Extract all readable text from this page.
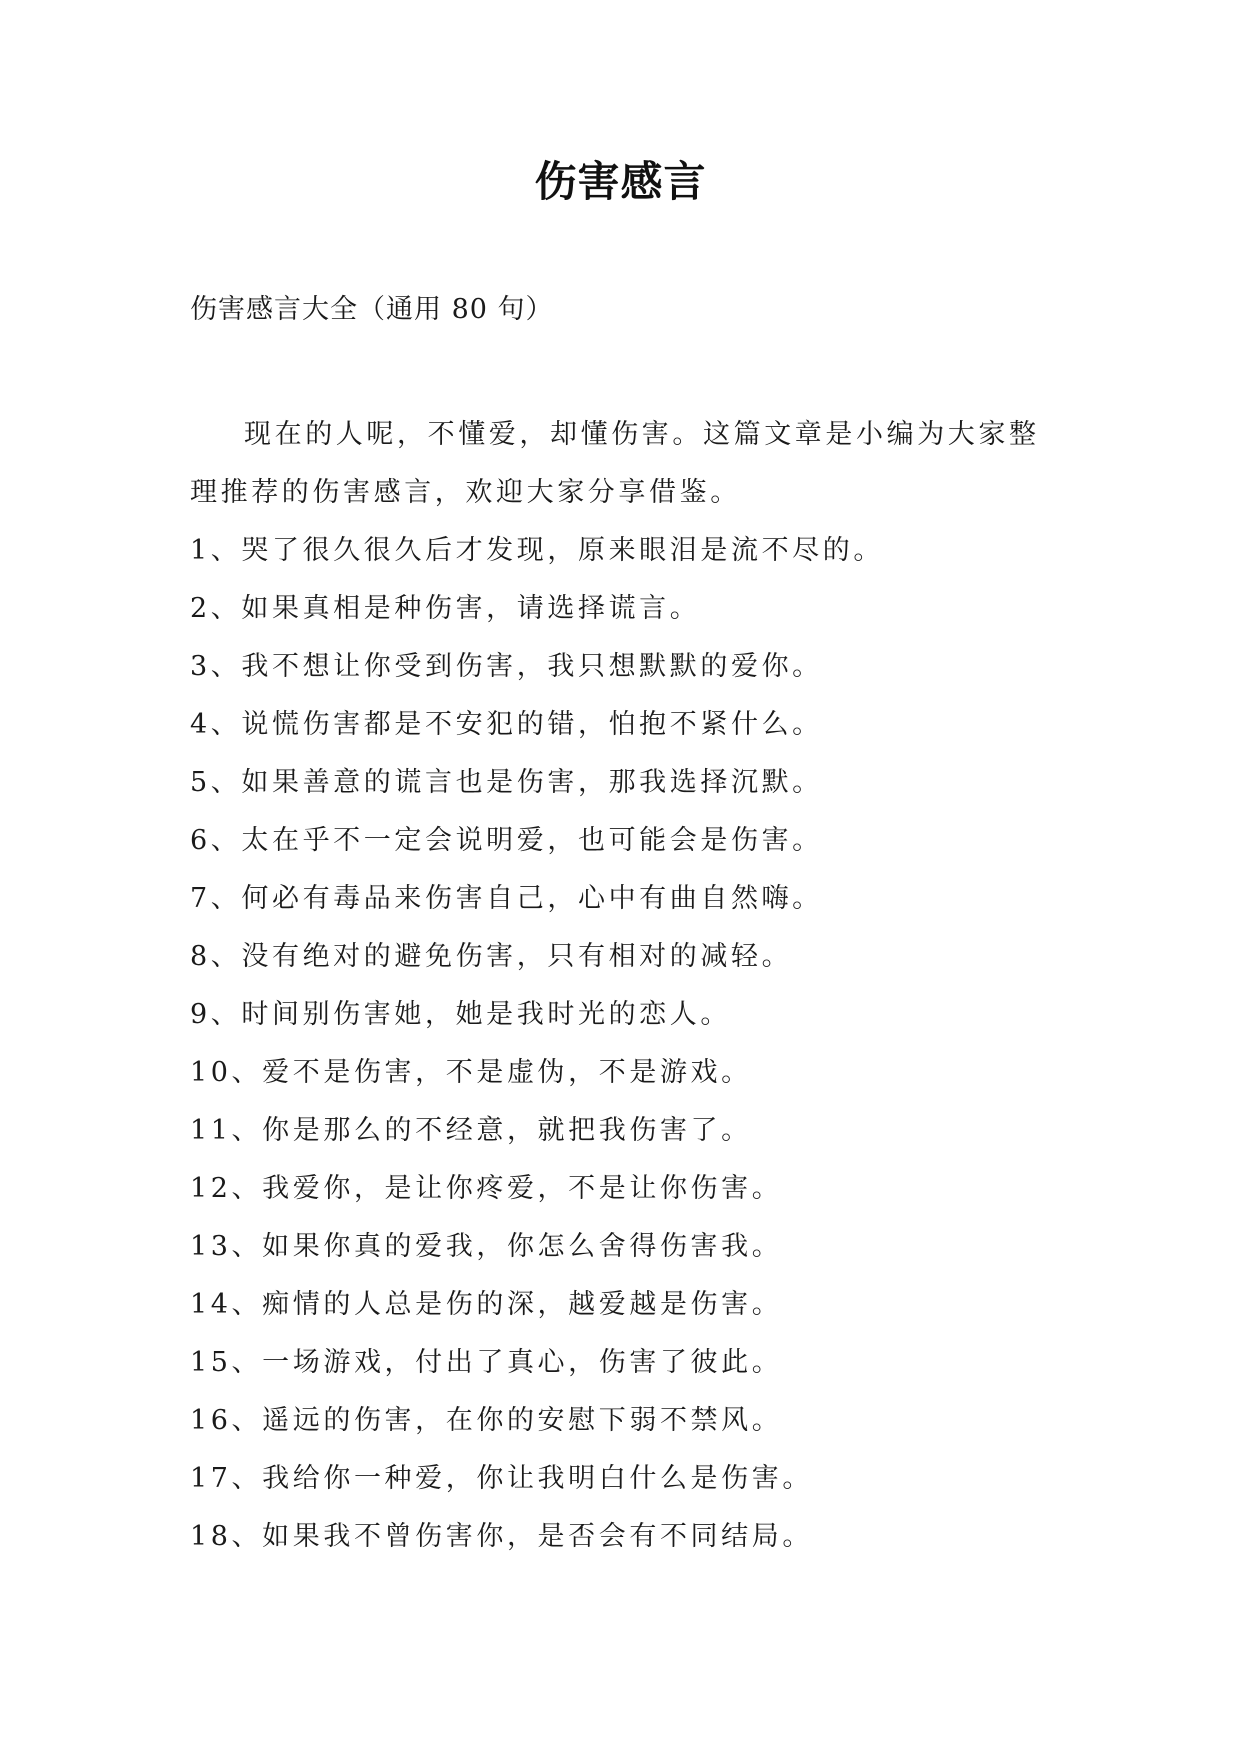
伤害感言
伤害感言大全（通用 80 句）

现在的人呢，不懂爱，却懂伤害。这篇文章是小编为大家整理推荐的伤害感言，欢迎大家分享借鉴。

1、哭了很久很久后才发现，原来眼泪是流不尽的。
2、如果真相是种伤害，请选择谎言。
3、我不想让你受到伤害，我只想默默的爱你。
4、说慌伤害都是不安犯的错，怕抱不紧什么。
5、如果善意的谎言也是伤害，那我选择沉默。
6、太在乎不一定会说明爱，也可能会是伤害。
7、何必有毒品来伤害自己，心中有曲自然嗨。
8、没有绝对的避免伤害，只有相对的减轻。
9、时间别伤害她，她是我时光的恋人。
10、爱不是伤害，不是虚伪，不是游戏。
11、你是那么的不经意，就把我伤害了。
12、我爱你，是让你疼爱，不是让你伤害。
13、如果你真的爱我，你怎么舍得伤害我。
14、痴情的人总是伤的深，越爱越是伤害。
15、一场游戏，付出了真心，伤害了彼此。
16、遥远的伤害，在你的安慰下弱不禁风。
17、我给你一种爱，你让我明白什么是伤害。
18、如果我不曾伤害你，是否会有不同结局。
